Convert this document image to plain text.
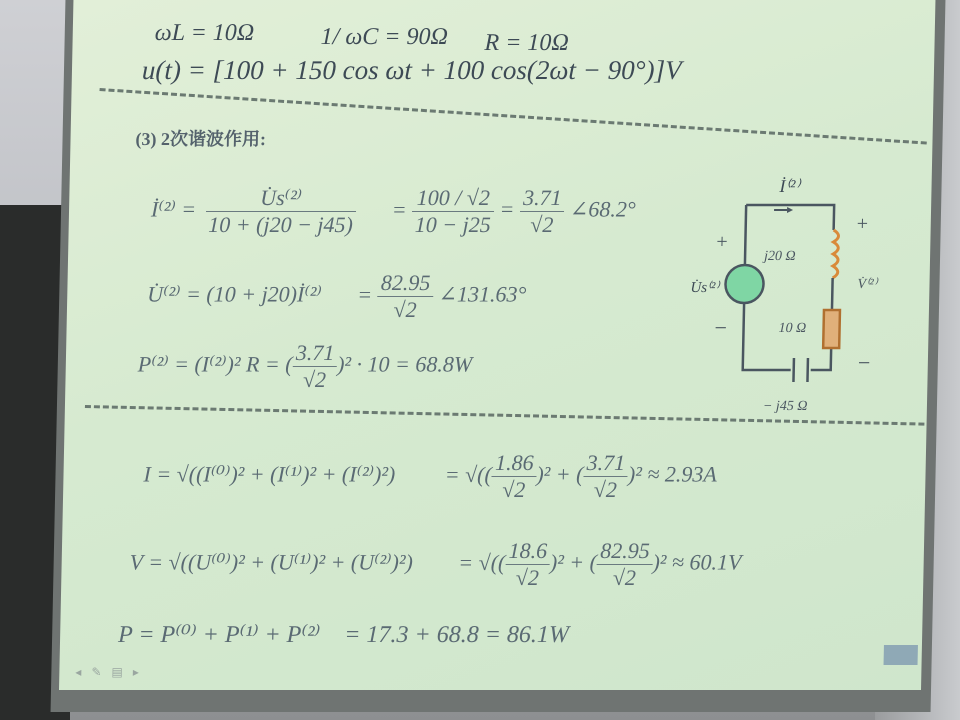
ωL = 10Ω	1/ ωC = 90Ω R = 10Ω
u(t) = [100 + 150 cos ωt + 100 cos(2ωt − 90°)]V
(3) 2次谐波作用:
İ⁽²⁾ = $\frac{\text{U̇s⁽²⁾}}{10 + (j20 - j45)} = \frac{100 / √2}{10 - j25} = \frac{3.71}{√2}$ ∠68.2°
U̇⁽²⁾ = (10 + j20)İ⁽²⁾ = $\frac{82.95}{√2}$ ∠131.63°
P⁽²⁾ = (I⁽²⁾)² R = ( $\frac{3.71}{√2} )^2 \cdot 10 = 68.8W$
I = √((I⁽⁰⁾)² + (I⁽¹⁾)² + (I⁽²⁾)²) = √(( $\frac{1.86}{√2} )^2$ + ( $\frac{3.71}{√2} )^2 \approx 2.93A$
V = √((U⁽⁰⁾)² + (U⁽¹⁾)² + (U⁽²⁾)²) = √(( $\frac{18.6}{√2} )^2$ + ( $\frac{82.95}{√2} )^2 \approx 60.1V$
P = P⁽⁰⁾ + P⁽¹⁾ + P⁽²⁾ = 17.3 + 68.8 = 86.1W
İ⁽²⁾
+
−
U̇s⁽²⁾
j20 Ω
+
V̇⁽²⁾
10 Ω
−
− j45 Ω
◂✎▤▸
